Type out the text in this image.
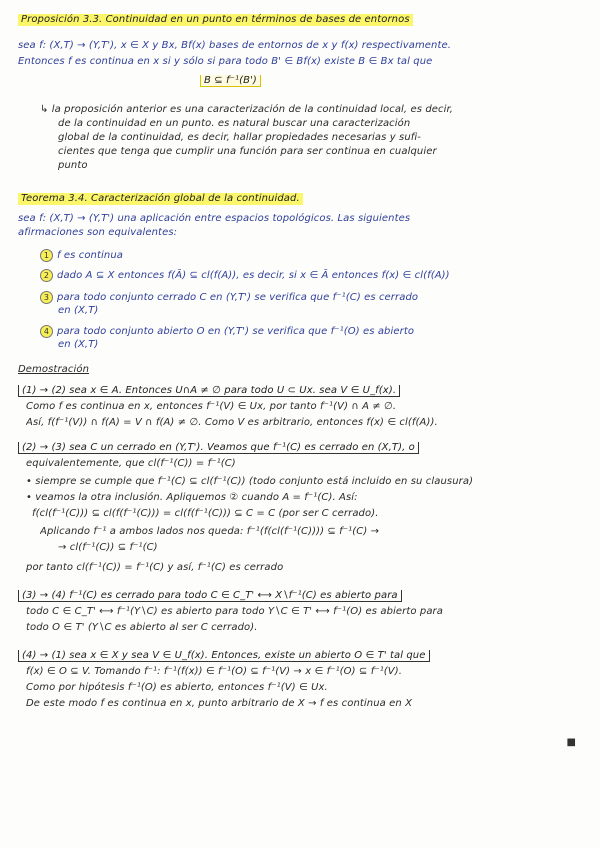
Proposición 3.3. Continuidad en un punto en términos de bases de entornos
sea f: (X,T) → (Y,T'), x ∈ X y Bx, Bf(x) bases de entornos de x y f(x) respectivamente.
Entonces f es continua en x si y sólo si para todo B' ∈ Bf(x) existe B ∈ Bx tal que
B ⊆ f⁻¹(B')
↳ la proposición anterior es una caracterización de la continuidad local, es decir,
de la continuidad en un punto. es natural buscar una caracterización
global de la continuidad, es decir, hallar propiedades necesarias y sufi-
cientes que tenga que cumplir una función para ser continua en cualquier
punto
Teorema 3.4. Caracterización global de la continuidad.
sea f: (X,T) → (Y,T') una aplicación entre espacios topológicos. Las siguientes
afirmaciones son equivalentes:
1 f es continua
2 dado A ⊆ X entonces f(Ā) ⊆ cl(f(A)), es decir, si x ∈ Ā entonces f(x) ∈ cl(f(A))
3 para todo conjunto cerrado C en (Y,T') se verifica que f⁻¹(C) es cerrado
en (X,T)
4 para todo conjunto abierto O en (Y,T') se verifica que f⁻¹(O) es abierto
en (X,T)
Demostración
(1) → (2) sea x ∈ Ā. Entonces U∩A ≠ ∅ para todo U ⊂ Ux. sea V ∈ U_f(x).
Como f es continua en x, entonces f⁻¹(V) ∈ Ux, por tanto f⁻¹(V) ∩ A ≠ ∅.
Así, f(f⁻¹(V)) ∩ f(A) = V ∩ f(A) ≠ ∅. Como V es arbitrario, entonces f(x) ∈ cl(f(A)).
(2) → (3) sea C un cerrado en (Y,T'). Veamos que f⁻¹(C) es cerrado en (X,T), o
equivalentemente, que cl(f⁻¹(C)) = f⁻¹(C)
• siempre se cumple que f⁻¹(C) ⊆ cl(f⁻¹(C)) (todo conjunto está incluido en su clausura)
• veamos la otra inclusión. Apliquemos ② cuando A = f⁻¹(C). Así:
f(cl(f⁻¹(C))) ⊆ cl(f(f⁻¹(C))) = cl(f(f⁻¹(C))) ⊆ C̄ = C (por ser C cerrado).
Aplicando f⁻¹ a ambos lados nos queda: f⁻¹(f(cl(f⁻¹(C)))) ⊆ f⁻¹(C) →
→ cl(f⁻¹(C)) ⊆ f⁻¹(C)
por tanto cl(f⁻¹(C)) = f⁻¹(C) y así, f⁻¹(C) es cerrado
(3) → (4) f⁻¹(C) es cerrado para todo C ∈ C_T' ⟷ X∖f⁻¹(C) es abierto para
todo C ∈ C_T' ⟷ f⁻¹(Y∖C) es abierto para todo Y∖C ∈ T' ⟷ f⁻¹(O) es abierto para
todo O ∈ T' (Y∖C es abierto al ser C cerrado).
(4) → (1) sea x ∈ X y sea V ∈ U_f(x). Entonces, existe un abierto O ∈ T' tal que
f(x) ∈ O ⊆ V. Tomando f⁻¹: f⁻¹(f(x)) ∈ f⁻¹(O) ⊆ f⁻¹(V) → x ∈ f⁻¹(O) ⊆ f⁻¹(V).
Como por hipótesis f⁻¹(O) es abierto, entonces f⁻¹(V) ∈ Ux.
De este modo f es continua en x, punto arbitrario de X → f es continua en X
■
